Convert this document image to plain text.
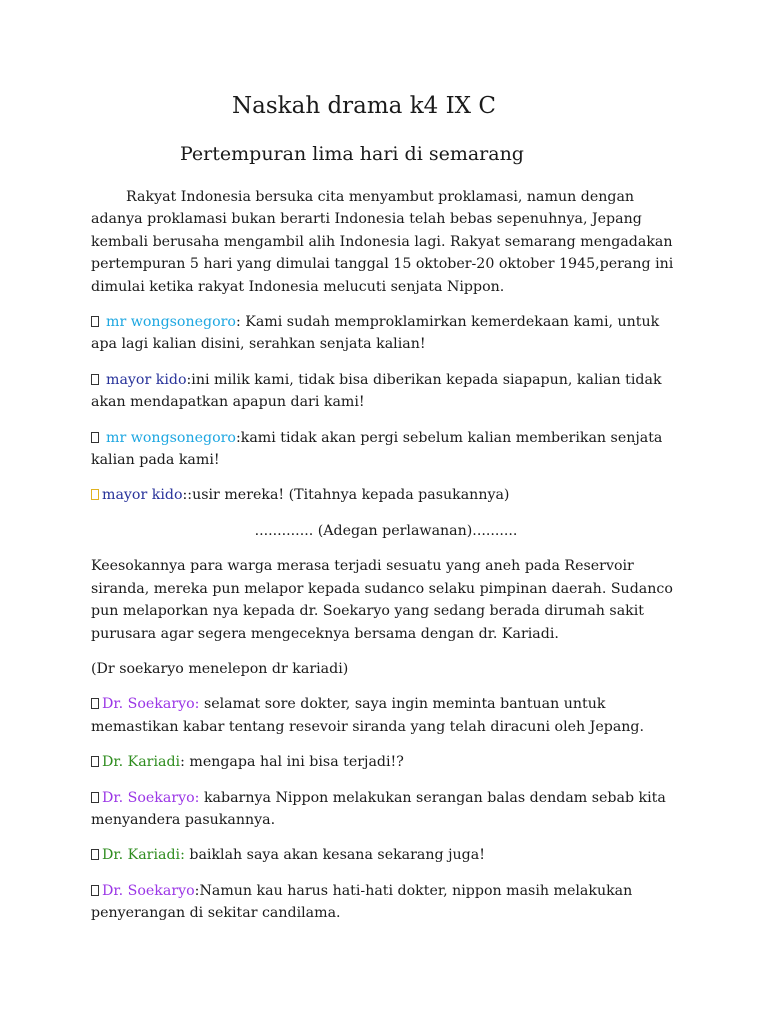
Naskah drama k4 IX C
Pertempuran lima hari di semarang

Rakyat Indonesia bersuka cita menyambut proklamasi, namun dengan adanya proklamasi bukan berarti Indonesia telah bebas sepenuhnya, Jepang kembali berusaha mengambil alih Indonesia lagi. Rakyat semarang mengadakan pertempuran 5 hari yang dimulai tanggal 15 oktober-20 oktober 1945,perang ini dimulai ketika rakyat Indonesia melucuti senjata Nippon.

mr wongsonegoro: Kami sudah memproklamirkan kemerdekaan kami, untuk apa lagi kalian disini, serahkan senjata kalian!

mayor kido:ini milik kami, tidak bisa diberikan kepada siapapun, kalian tidak akan mendapatkan apapun dari kami!

mr wongsonegoro:kami tidak akan pergi sebelum kalian memberikan senjata kalian pada kami!

mayor kido::usir mereka! (Titahnya kepada pasukannya)

............. (Adegan perlawanan)..........

Keesokannya para warga merasa terjadi sesuatu yang aneh pada Reservoir siranda, mereka pun melapor kepada sudanco selaku pimpinan daerah. Sudanco pun melaporkan nya kepada dr. Soekaryo yang sedang berada dirumah sakit purusara agar segera mengeceknya bersama dengan dr. Kariadi.

(Dr soekaryo menelepon dr kariadi)

Dr. Soekaryo: selamat sore dokter, saya ingin meminta bantuan untuk memastikan kabar tentang resevoir siranda yang telah diracuni oleh Jepang.

Dr. Kariadi: mengapa hal ini bisa terjadi!?

Dr. Soekaryo: kabarnya Nippon melakukan serangan balas dendam sebab kita menyandera pasukannya.

Dr. Kariadi: baiklah saya akan kesana sekarang juga!

Dr. Soekaryo:Namun kau harus hati-hati dokter, nippon masih melakukan penyerangan di sekitar candilama.
